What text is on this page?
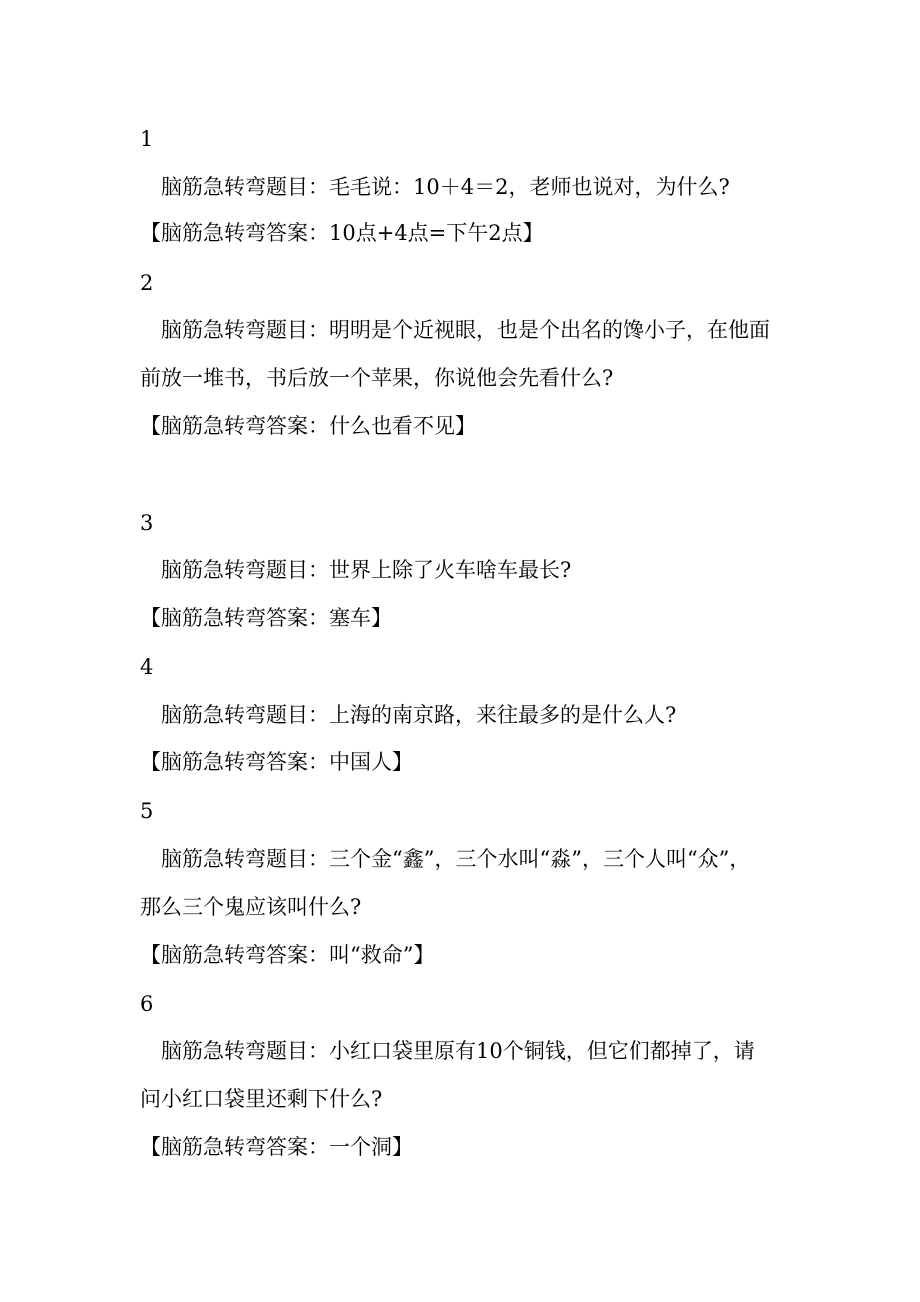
1
脑筋急转弯题目：毛毛说：10＋4＝2，老师也说对，为什么?
【脑筋急转弯答案：10点+4点=下午2点】
2
脑筋急转弯题目：明明是个近视眼，也是个出名的馋小子，在他面
前放一堆书，书后放一个苹果，你说他会先看什么?
【脑筋急转弯答案：什么也看不见】
3
脑筋急转弯题目：世界上除了火车啥车最长?
【脑筋急转弯答案：塞车】
4
脑筋急转弯题目：上海的南京路，来往最多的是什么人?
【脑筋急转弯答案：中国人】
5
脑筋急转弯题目：三个金“鑫”，三个水叫“淼”，三个人叫“众”，
那么三个鬼应该叫什么?
【脑筋急转弯答案：叫“救命”】
6
脑筋急转弯题目：小红口袋里原有10个铜钱，但它们都掉了，请
问小红口袋里还剩下什么?
【脑筋急转弯答案：一个洞】
